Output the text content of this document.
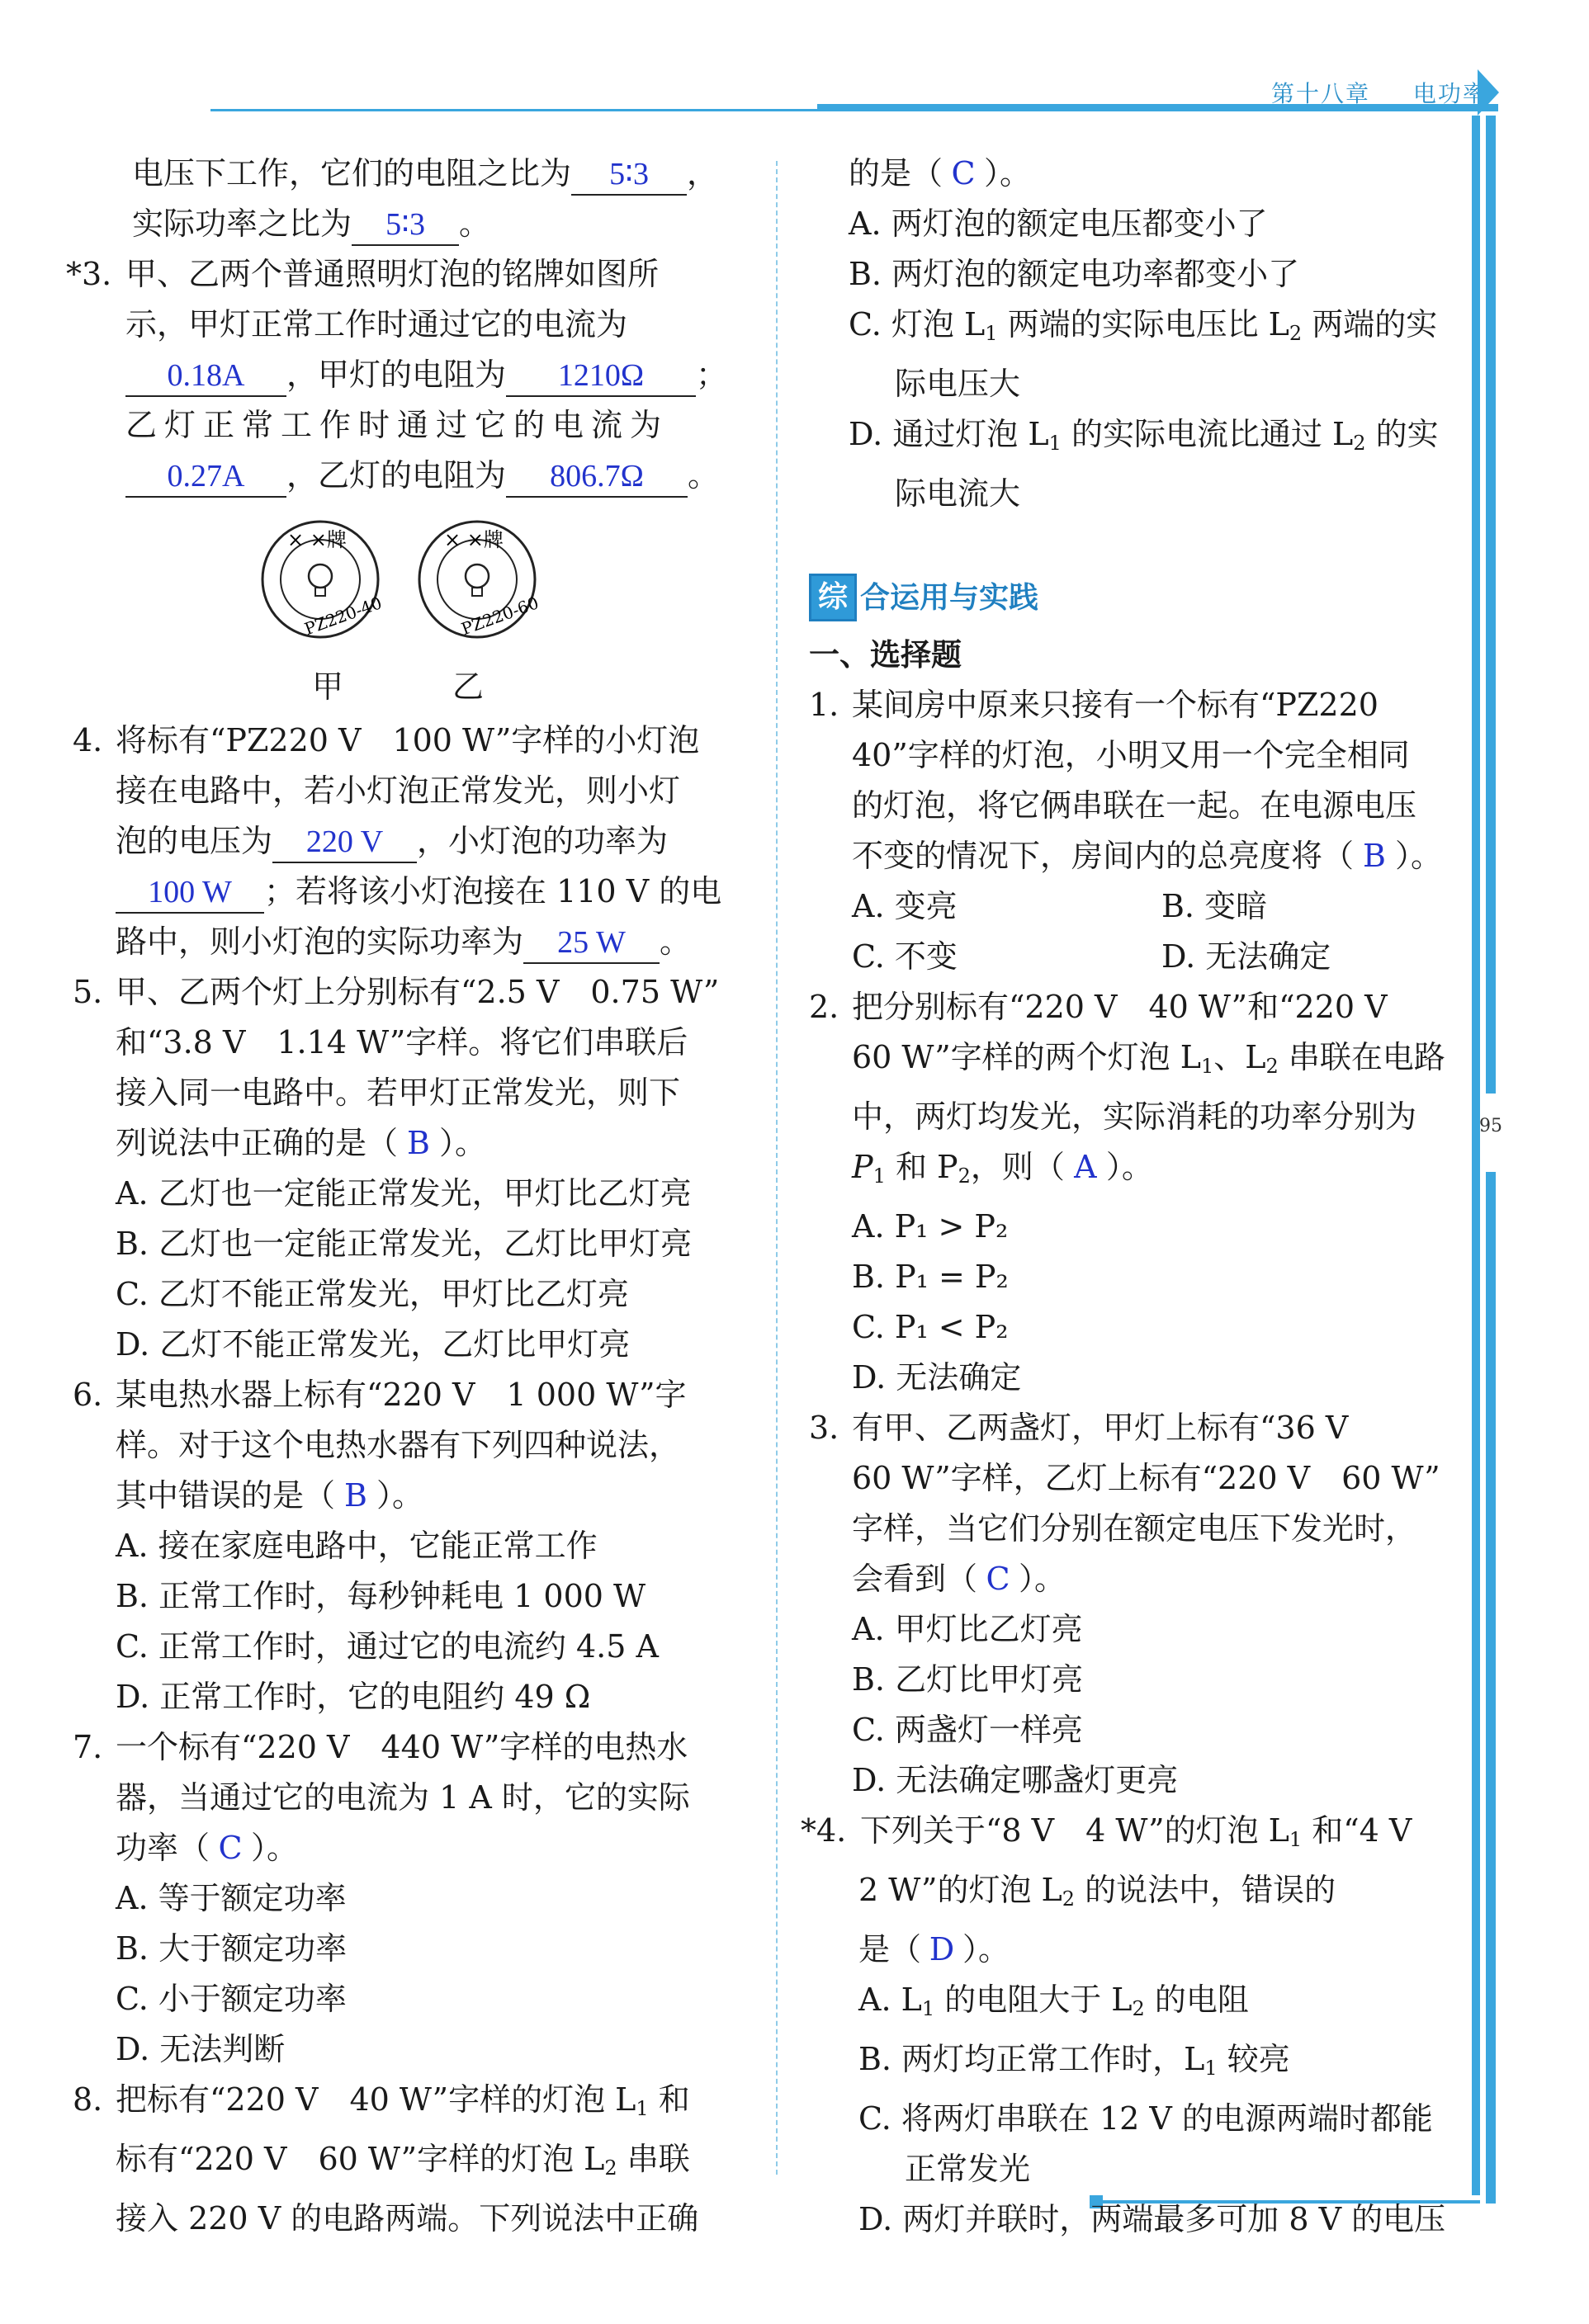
第十八章 　 电功率
95

电压下工作，它们的电阻之比为 5∶3 ，

实际功率之比为 5∶3 。

*3. 甲、乙两个普通照明灯泡的铭牌如图所

示，甲灯正常工作时通过它的电流为

0.18A ，甲灯的电阻为 1210Ω ；

乙灯正常工作时通过它的电流为

0.27A ，乙灯的电阻为 806.7Ω 。

× ×牌
PZ220-40
× ×牌
PZ220-60
甲	乙

4. 将标有“PZ220 V　100 W”字样的小灯泡

接在电路中，若小灯泡正常发光，则小灯

泡的电压为 220 V ，小灯泡的功率为

100 W ；若将该小灯泡接在 110 V 的电

路中，则小灯泡的实际功率为 25 W 。

5. 甲、乙两个灯上分别标有“2.5 V　0.75 W”

和“3.8 V　1.14 W”字样。将它们串联后

接入同一电路中。若甲灯正常发光，则下

列说法中正确的是（ B ）。

A. 乙灯也一定能正常发光，甲灯比乙灯亮

B. 乙灯也一定能正常发光，乙灯比甲灯亮

C. 乙灯不能正常发光，甲灯比乙灯亮

D. 乙灯不能正常发光，乙灯比甲灯亮

6. 某电热水器上标有“220 V　1 000 W”字

样。对于这个电热水器有下列四种说法，

其中错误的是（ B ）。

A. 接在家庭电路中，它能正常工作

B. 正常工作时，每秒钟耗电 1 000 W

C. 正常工作时，通过它的电流约 4.5 A

D. 正常工作时，它的电阻约 49 Ω

7. 一个标有“220 V　440 W”字样的电热水

器，当通过它的电流为 1 A 时，它的实际

功率（ C ）。

A. 等于额定功率

B. 大于额定功率

C. 小于额定功率

D. 无法判断

8. 把标有“220 V　40 W”字样的灯泡 $L_1$ 和

标有“220 V　60 W”字样的灯泡 $L_2$ 串联

接入 220 V 的电路两端。下列说法中正确

的是（ C ）。

A. 两灯泡的额定电压都变小了

B. 两灯泡的额定电功率都变小了

C. 灯泡 $L_1$ 两端的实际电压比 $L_2$ 两端的实

际电压大

D. 通过灯泡 $L_1$ 的实际电流比通过 $L_2$ 的实

际电流大

综 合运用与实践

一、选择题

1. 某间房中原来只接有一个标有“PZ220

40”字样的灯泡，小明又用一个完全相同

的灯泡，将它俩串联在一起。在电源电压

不变的情况下，房间内的总亮度将（ B ）。

A. 变亮	B. 变暗

C. 不变	D. 无法确定

2. 把分别标有“220 V　40 W”和“220 V

60 W”字样的两个灯泡 $L_1$、$L_2$ 串联在电路

中，两灯均发光，实际消耗的功率分别为

$P_1$ 和 $P_2$，则（ A ）。

A. P₁ > P₂

B. P₁ = P₂

C. P₁ < P₂

D. 无法确定

3. 有甲、乙两盏灯，甲灯上标有“36 V

60 W”字样，乙灯上标有“220 V　60 W”

字样，当它们分别在额定电压下发光时，

会看到（ C ）。

A. 甲灯比乙灯亮

B. 乙灯比甲灯亮

C. 两盏灯一样亮

D. 无法确定哪盏灯更亮

*4. 下列关于“8 V　4 W”的灯泡 $L_1$ 和“4 V

2 W”的灯泡 $L_2$ 的说法中，错误的

是（ D ）。

A. $L_1$ 的电阻大于 $L_2$ 的电阻

B. 两灯均正常工作时，$L_1$ 较亮

C. 将两灯串联在 12 V 的电源两端时都能

正常发光

D. 两灯并联时，两端最多可加 8 V 的电压
